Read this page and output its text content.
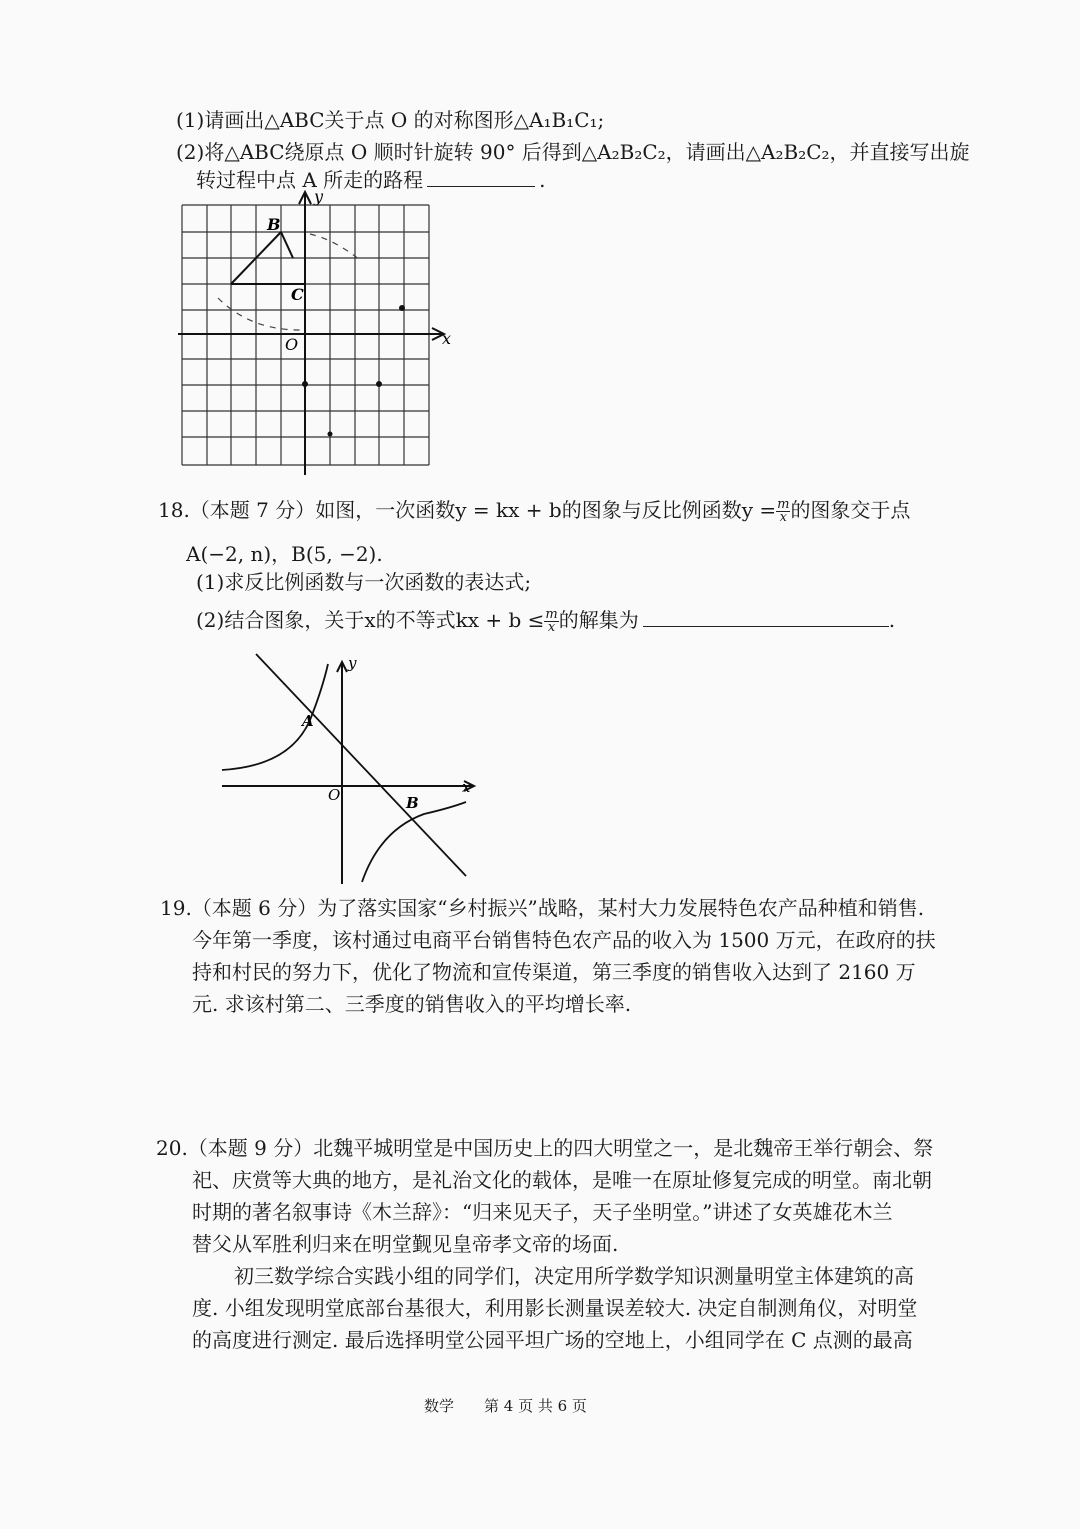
(1)请画出△ABC关于点 O 的对称图形△A₁B₁C₁;
(2)将△ABC绕原点 O 顺时针旋转 90° 后得到△A₂B₂C₂，请画出△A₂B₂C₂，并直接写出旋
转过程中点 A 所走的路程	.
y
x
O
B
C
18.（本题 7 分）如图，一次函数y = kx + b的图象与反比例函数$y = \frac{m}{x}$ 的图象交于点
A(−2, n)，B(5, −2).
(1)求反比例函数与一次函数的表达式;
(2)结合图象，关于x的不等式kx + $b \le \frac{m}{x}$ 的解集为	.
y
x
O
A
B
19.（本题 6 分）为了落实国家“乡村振兴”战略，某村大力发展特色农产品种植和销售.
今年第一季度，该村通过电商平台销售特色农产品的收入为 1500 万元，在政府的扶
持和村民的努力下，优化了物流和宣传渠道，第三季度的销售收入达到了 2160 万
元. 求该村第二、三季度的销售收入的平均增长率.
20.（本题 9 分）北魏平城明堂是中国历史上的四大明堂之一，是北魏帝王举行朝会、祭
祀、庆赏等大典的地方，是礼治文化的载体，是唯一在原址修复完成的明堂。南北朝
时期的著名叙事诗《木兰辞》：“归来见天子，天子坐明堂。”讲述了女英雄花木兰
替父从军胜利归来在明堂觐见皇帝孝文帝的场面.
初三数学综合实践小组的同学们，决定用所学数学知识测量明堂主体建筑的高
度. 小组发现明堂底部台基很大，利用影长测量误差较大. 决定自制测角仪，对明堂
的高度进行测定. 最后选择明堂公园平坦广场的空地上，小组同学在 C 点测的最高
数学 第 4 页 共 6 页
